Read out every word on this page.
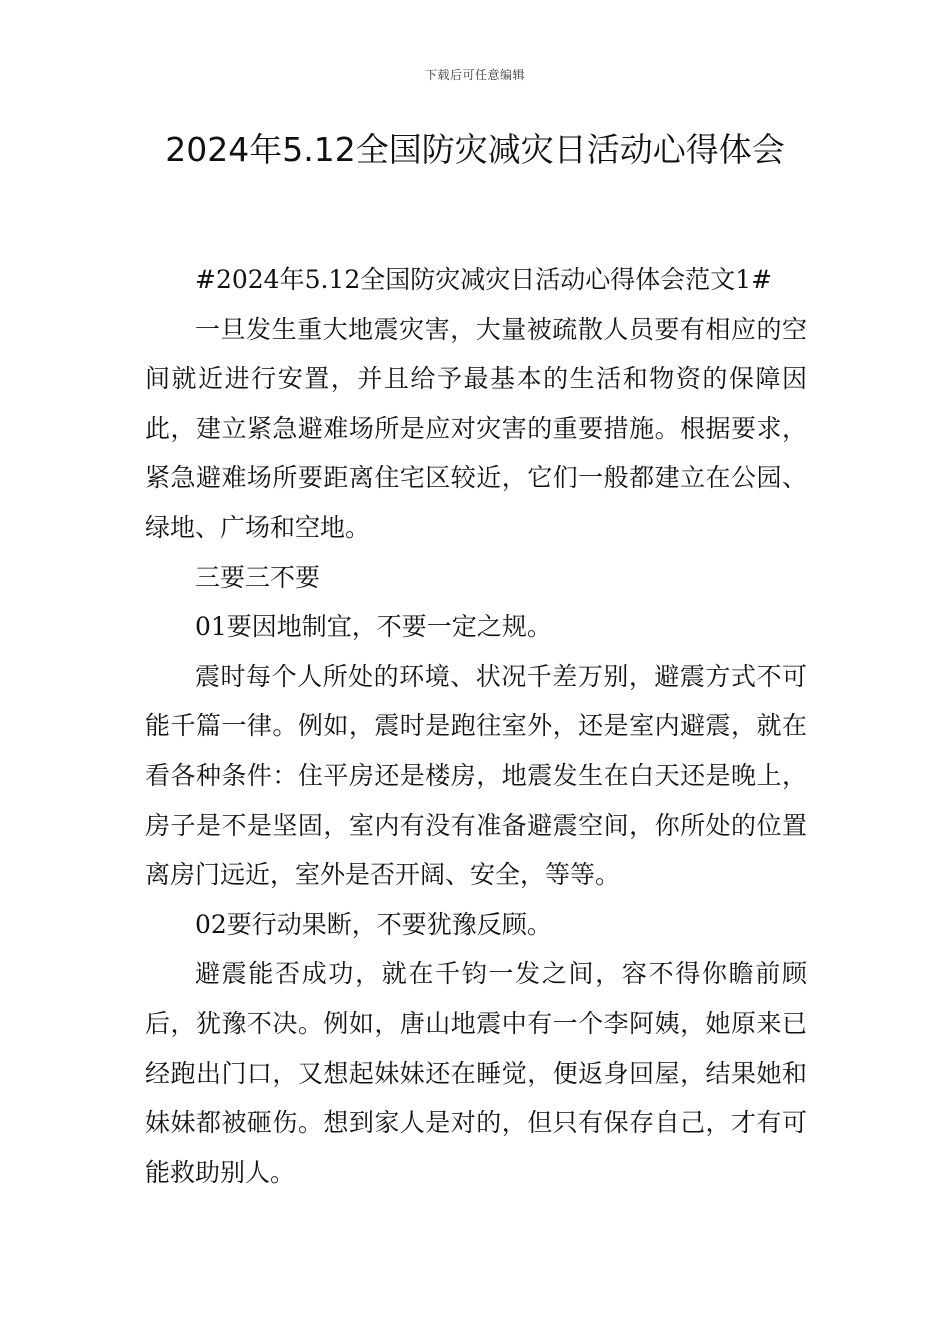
下载后可任意编辑
2024年5.12全国防灾减灾日活动心得体会

#2024年5.12全国防灾减灾日活动心得体会范文1#

一旦发生重大地震灾害，大量被疏散人员要有相应的空间就近进行安置，并且给予最基本的生活和物资的保障因此，建立紧急避难场所是应对灾害的重要措施。根据要求，紧急避难场所要距离住宅区较近，它们一般都建立在公园、绿地、广场和空地。

三要三不要

01要因地制宜，不要一定之规。

震时每个人所处的环境、状况千差万别，避震方式不可能千篇一律。例如，震时是跑往室外，还是室内避震，就在看各种条件：住平房还是楼房，地震发生在白天还是晚上，房子是不是坚固，室内有没有准备避震空间，你所处的位置离房门远近，室外是否开阔、安全，等等。

02要行动果断，不要犹豫反顾。

避震能否成功，就在千钧一发之间，容不得你瞻前顾后，犹豫不决。例如，唐山地震中有一个李阿姨，她原来已经跑出门口，又想起妹妹还在睡觉，便返身回屋，结果她和妹妹都被砸伤。想到家人是对的，但只有保存自己，才有可能救助别人。
